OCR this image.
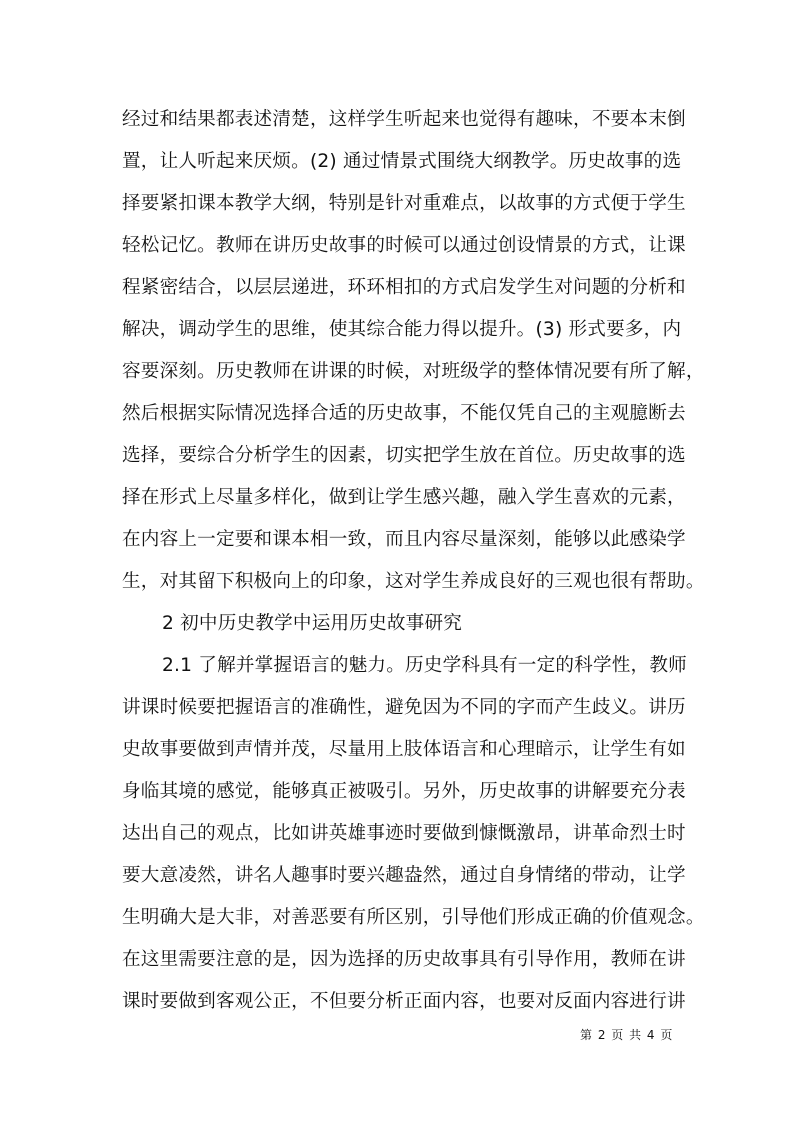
经过和结果都表述清楚，这样学生听起来也觉得有趣味，不要本末倒
置，让人听起来厌烦。(2) 通过情景式围绕大纲教学。历史故事的选
择要紧扣课本教学大纲，特别是针对重难点，以故事的方式便于学生
轻松记忆。教师在讲历史故事的时候可以通过创设情景的方式，让课
程紧密结合，以层层递进，环环相扣的方式启发学生对问题的分析和
解决，调动学生的思维，使其综合能力得以提升。(3) 形式要多，内
容要深刻。历史教师在讲课的时候，对班级学的整体情况要有所了解，
然后根据实际情况选择合适的历史故事，不能仅凭自己的主观臆断去
选择，要综合分析学生的因素，切实把学生放在首位。历史故事的选
择在形式上尽量多样化，做到让学生感兴趣，融入学生喜欢的元素，
在内容上一定要和课本相一致，而且内容尽量深刻，能够以此感染学
生，对其留下积极向上的印象，这对学生养成良好的三观也很有帮助。
2 初中历史教学中运用历史故事研究
2.1 了解并掌握语言的魅力。历史学科具有一定的科学性，教师
讲课时候要把握语言的准确性，避免因为不同的字而产生歧义。讲历
史故事要做到声情并茂，尽量用上肢体语言和心理暗示，让学生有如
身临其境的感觉，能够真正被吸引。另外，历史故事的讲解要充分表
达出自己的观点，比如讲英雄事迹时要做到慷慨激昂，讲革命烈士时
要大意凌然，讲名人趣事时要兴趣盎然，通过自身情绪的带动，让学
生明确大是大非，对善恶要有所区别，引导他们形成正确的价值观念。
在这里需要注意的是，因为选择的历史故事具有引导作用，教师在讲
课时要做到客观公正，不但要分析正面内容，也要对反面内容进行讲
第 2 页 共 4 页
